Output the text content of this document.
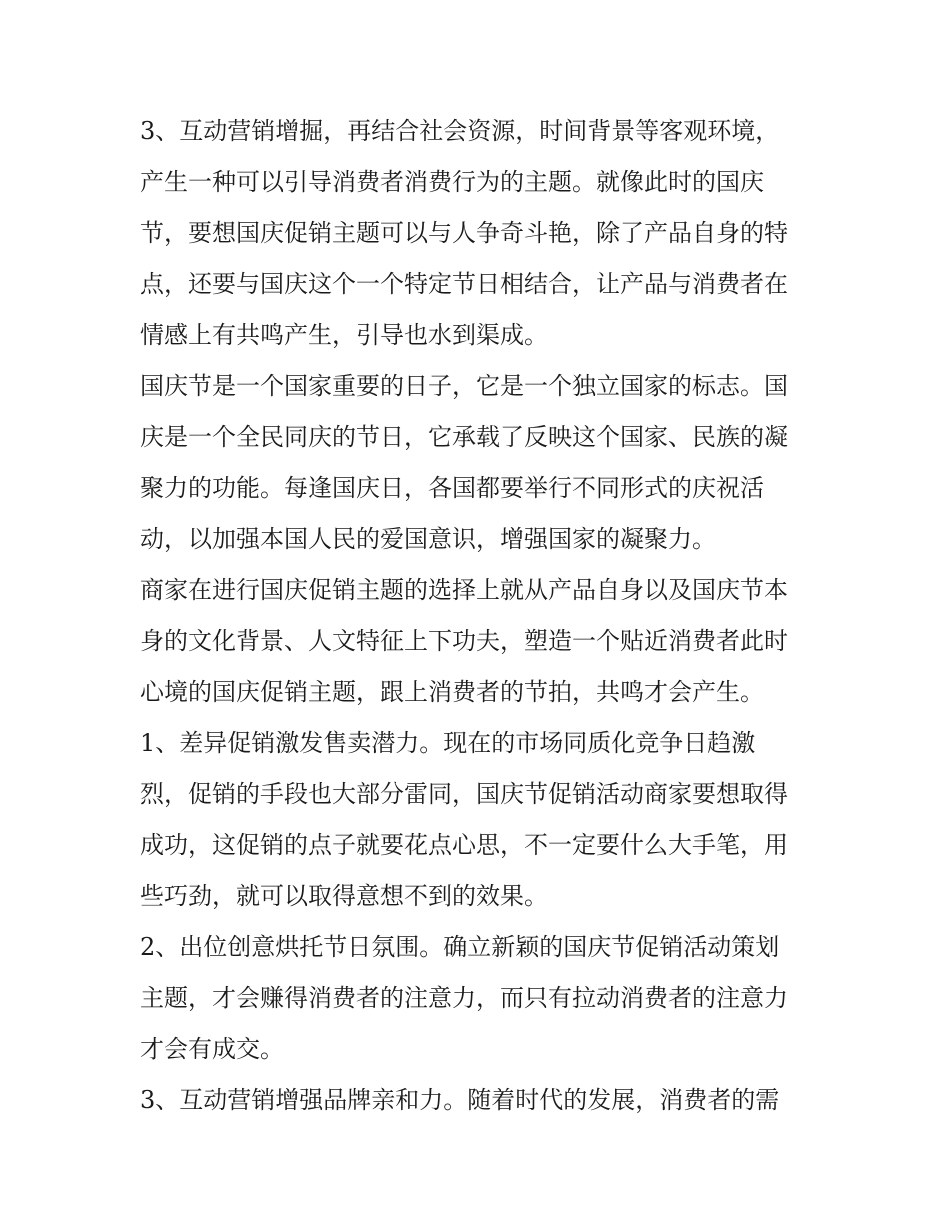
3、互动营销增掘，再结合社会资源，时间背景等客观环境，
产生一种可以引导消费者消费行为的主题。就像此时的国庆
节，要想国庆促销主题可以与人争奇斗艳，除了产品自身的特
点，还要与国庆这个一个特定节日相结合，让产品与消费者在
情感上有共鸣产生，引导也水到渠成。
国庆节是一个国家重要的日子，它是一个独立国家的标志。国
庆是一个全民同庆的节日，它承载了反映这个国家、民族的凝
聚力的功能。每逢国庆日，各国都要举行不同形式的庆祝活
动，以加强本国人民的爱国意识，增强国家的凝聚力。
商家在进行国庆促销主题的选择上就从产品自身以及国庆节本
身的文化背景、人文特征上下功夫，塑造一个贴近消费者此时
心境的国庆促销主题，跟上消费者的节拍，共鸣才会产生。
1、差异促销激发售卖潜力。现在的市场同质化竞争日趋激
烈，促销的手段也大部分雷同，国庆节促销活动商家要想取得
成功，这促销的点子就要花点心思，不一定要什么大手笔，用
些巧劲，就可以取得意想不到的效果。
2、出位创意烘托节日氛围。确立新颖的国庆节促销活动策划
主题，才会赚得消费者的注意力，而只有拉动消费者的注意力
才会有成交。
3、互动营销增强品牌亲和力。随着时代的发展，消费者的需
